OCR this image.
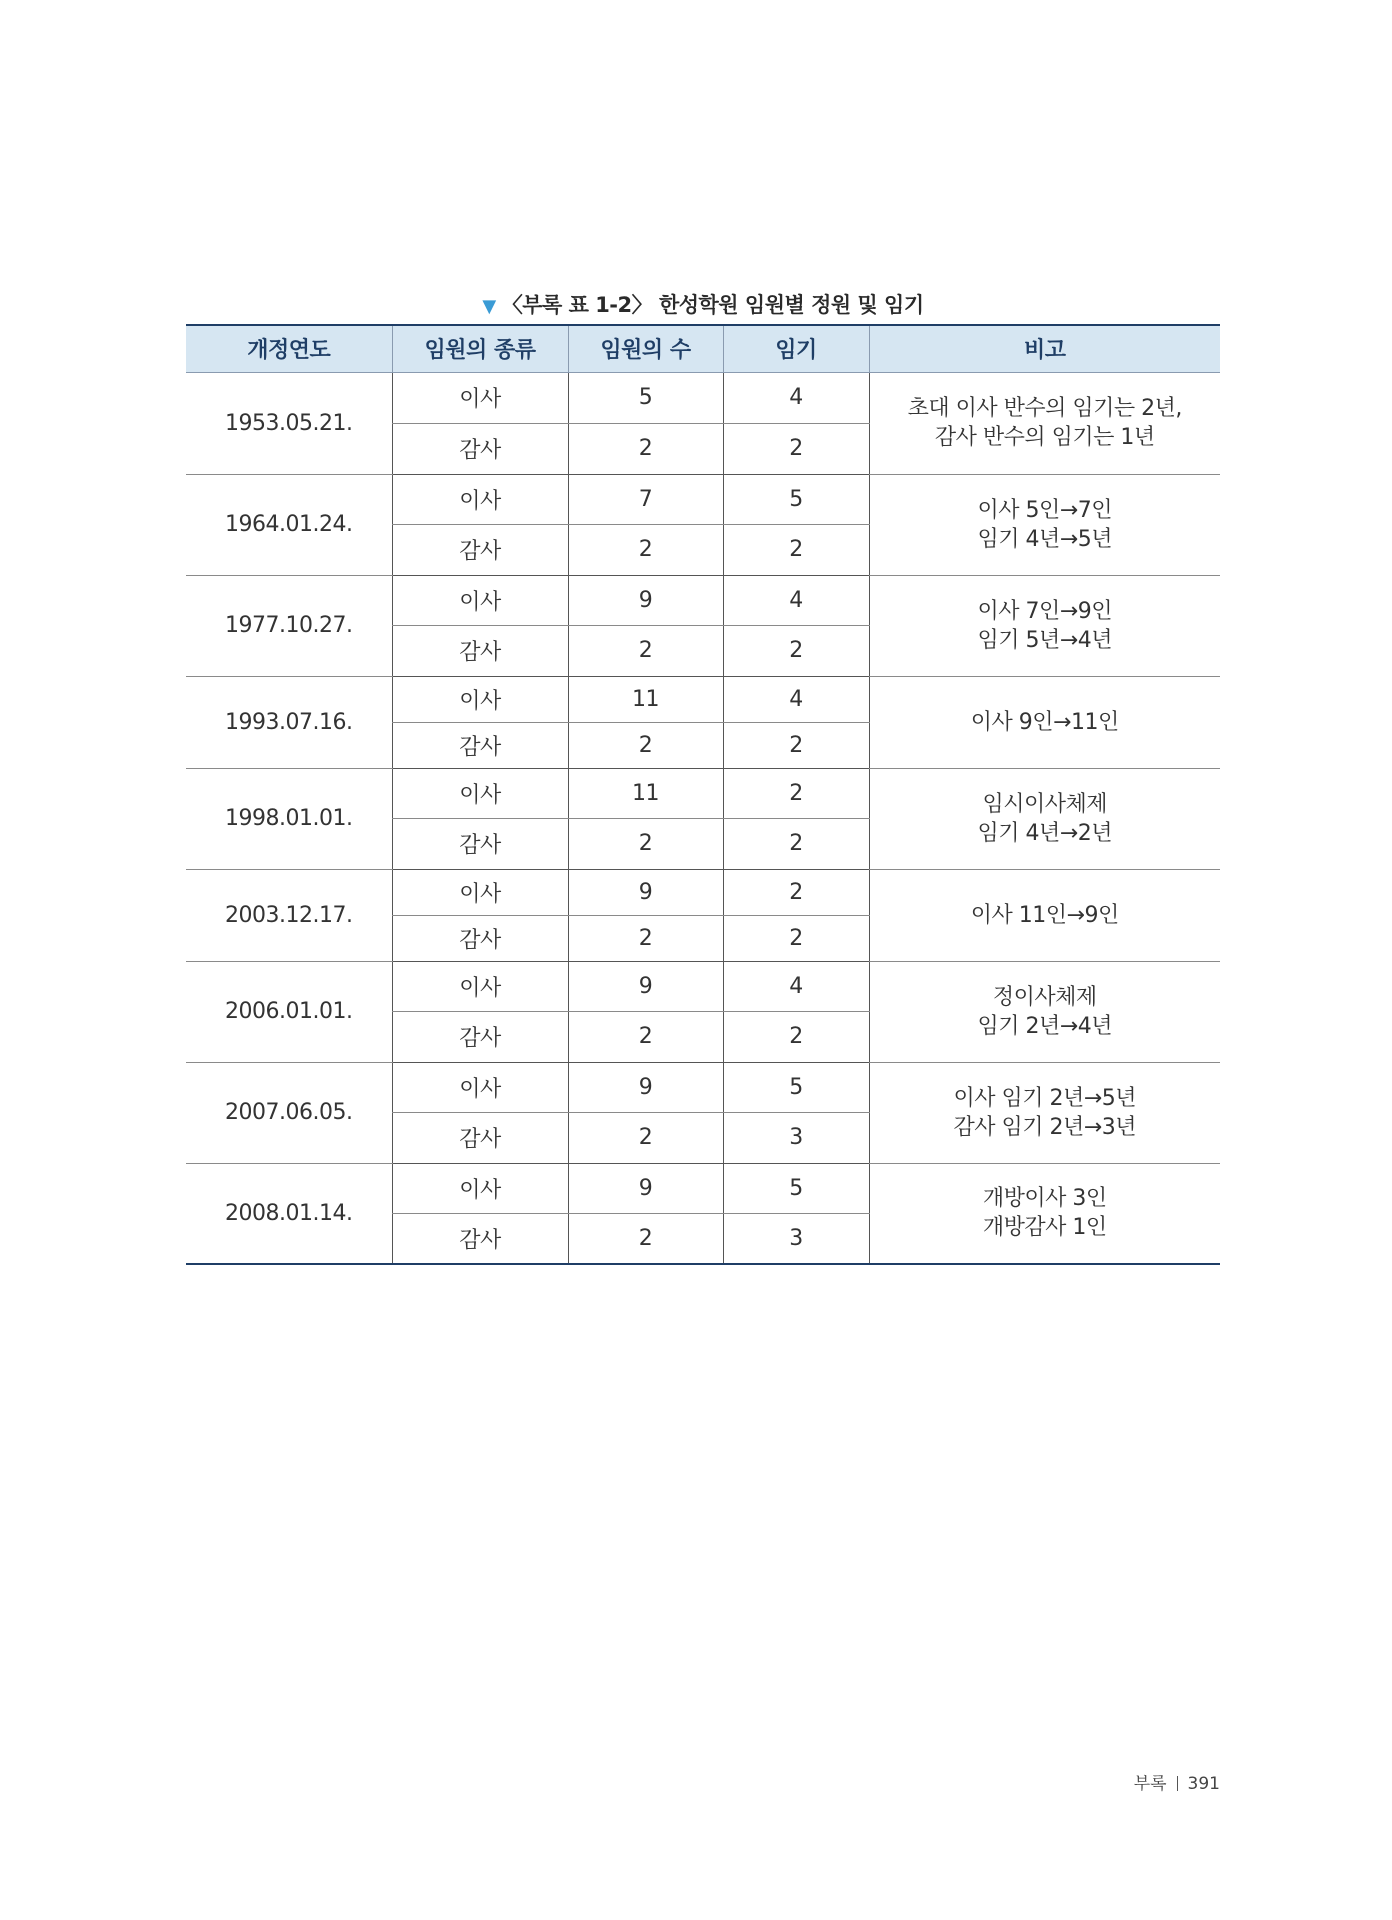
▼ 〈부록 표 1-2〉 한성학원 임원별 정원 및 임기
개정연도	임원의 종류	임원의 수	임기	비고
1953.05.21.	이사	5	4	초대 이사 반수의 임기는 2년,
감사 반수의 임기는 1년

	감사	2	2	
1964.01.24.	이사	7	5	이사 5인→7인
임기 4년→5년

	감사	2	2	
1977.10.27.	이사	9	4	이사 7인→9인
임기 5년→4년

	감사	2	2	
1993.07.16.	이사	11	4	이사 9인→11인

	감사	2	2	
1998.01.01.	이사	11	2	임시이사체제
임기 4년→2년

	감사	2	2	
2003.12.17.	이사	9	2	이사 11인→9인

	감사	2	2	
2006.01.01.	이사	9	4	정이사체제
임기 2년→4년

	감사	2	2	
2007.06.05.	이사	9	5	이사 임기 2년→5년
감사 임기 2년→3년

	감사	2	3	
2008.01.14.	이사	9	5	개방이사 3인
개방감사 1인

	감사	2	3	
부록 391
